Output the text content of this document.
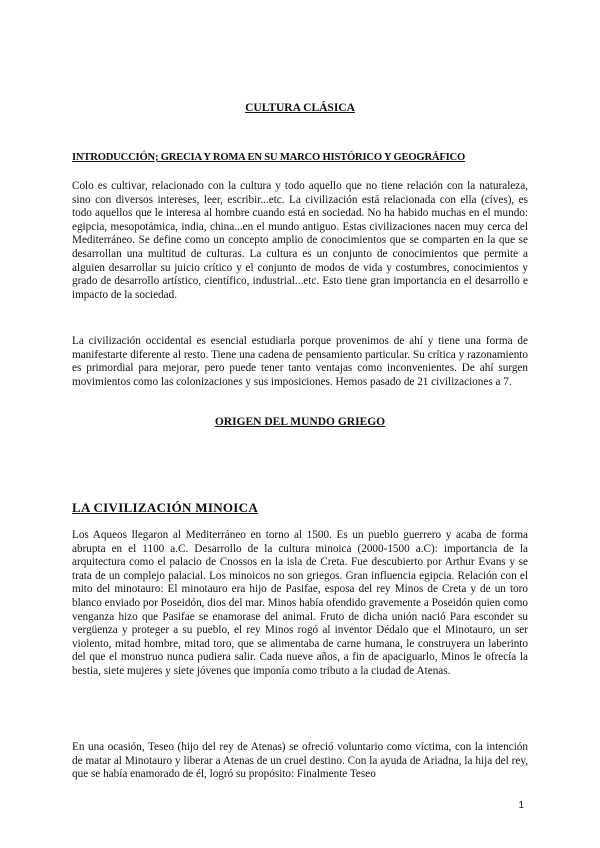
CULTURA CLÁSICA
INTRODUCCIÓN; GRECIA Y ROMA EN SU MARCO HISTÓRICO Y GEOGRÁFICO

Colo es cultivar, relacionado con la cultura y todo aquello que no tiene relación con la naturaleza, sino con diversos intereses, leer, escribir...etc. La civilización está relacionada con ella (cíves), es todo aquellos que le interesa al hombre cuando está en sociedad. No ha habido muchas en el mundo: egipcia, mesopotámica, india, china...en el mundo antiguo. Estas civilizaciones nacen muy cerca del Mediterráneo. Se define como un concepto amplio de conocimientos que se comparten en la que se desarrollan una multitud de culturas. La cultura es un conjunto de conocimientos que permite a alguien desarrollar su juicio crítico y el conjunto de modos de vida y costumbres, conocimientos y grado de desarrollo artístico, científico, industrial...etc. Esto tiene gran importancia en el desarrollo e impacto de la sociedad.

La civilización occidental es esencial estudiarla porque provenimos de ahí y tiene una forma de manifestarte diferente al resto. Tiene una cadena de pensamiento particular. Su crítica y razonamiento es primordial para mejorar, pero puede tener tanto ventajas como inconvenientes. De ahí surgen movimientos como las colonizaciones y sus imposiciones. Hemos pasado de 21 civilizaciones a 7.

ORIGEN DEL MUNDO GRIEGO
LA CIVILIZACIÓN MINOICA

Los Aqueos llegaron al Mediterráneo en torno al 1500. Es un pueblo guerrero y acaba de forma abrupta en el 1100 a.C. Desarrollo de la cultura minoica (2000-1500 a.C): importancia de la arquitectura como el palacio de Cnossos en la isla de Creta. Fue descubierto por Arthur Evans y se trata de un complejo palacial. Los minoicos no son griegos. Gran influencia egipcia. Relación con el mito del minotauro: El minotauro era hijo de Pasifae, esposa del rey Minos de Creta y de un toro blanco enviado por Poseidón, dios del mar. Minos había ofendido gravemente a Poseidón quien como venganza hizo que Pasifae se enamorase del animal. Fruto de dicha unión nació Para esconder su vergüenza y proteger a su pueblo, el rey Minos rogó al inventor Dédalo que el Minotauro, un ser violento, mitad hombre, mitad toro, que se alimentaba de carne humana, le construyera un laberinto del que el monstruo nunca pudiera salir. Cada nueve años, a fin de apaciguarlo, Minos le ofrecía la bestia, siete mujeres y siete jóvenes que imponía como tributo a la ciudad de Atenas.

En una ocasión, Teseo (hijo del rey de Atenas) se ofreció voluntario como víctima, con la intención de matar al Minotauro y liberar a Atenas de un cruel destino. Con la ayuda de Ariadna, la hija del rey, que se había enamorado de él, logró su propósito: Finalmente Teseo

1
